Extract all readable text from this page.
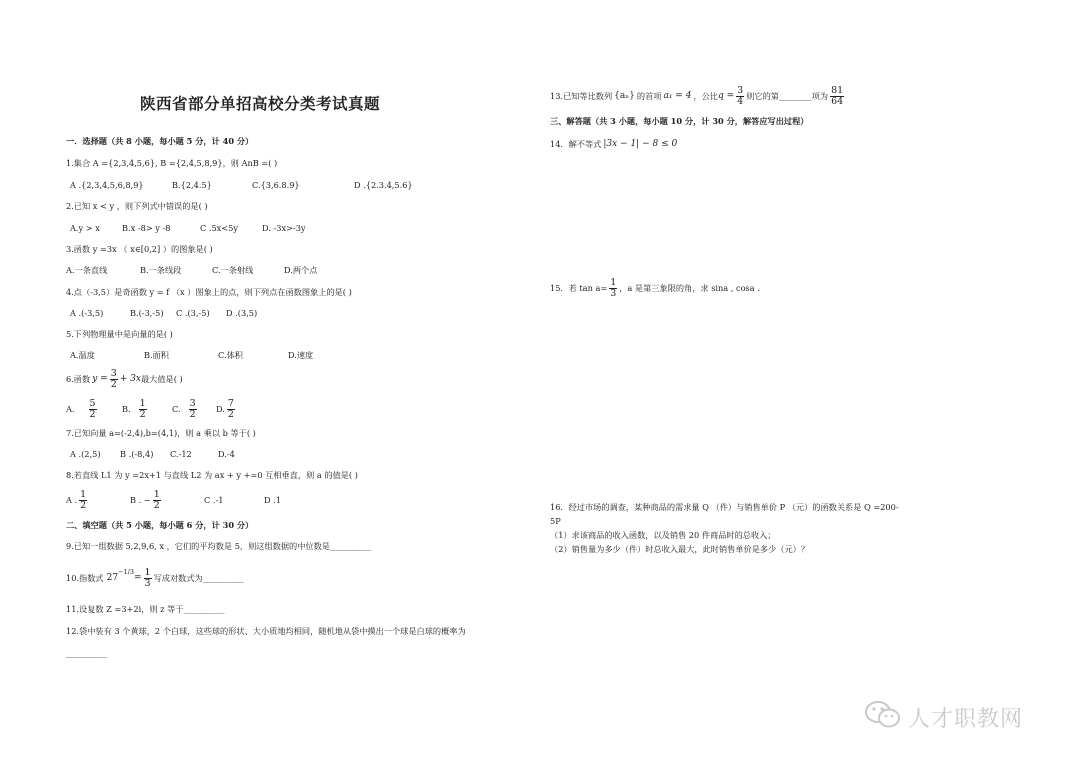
陕西省部分单招高校分类考试真题
一．选择题（共 8 小题，每小题 5 分，计 40 分）
1.集合 A ={2,3,4,5,6}, B ={2,4,5,8,9}，则 AnB =( )
A .{2,3,4,5,6,8,9}	B.{2,4.5}	C.{3,6.8.9}	D .{2.3.4,5.6}
2.已知 x < y ，则下列式中错误的是( )
A.y > x	B.x -8> y -8	C .5x<5y	D. -3x>-3y
3.函数 y =3x （ x∈[0,2] ）的图象是( )
A.一条直线	B.一条线段	C.一条射线	D.两个点
4.点（-3,5）是奇函数 y = f （x ）图象上的点，则下列点在函数图象上的是( )
A .(-3,5)	B.(-3,-5) C .(3,-5) D .(3,5)
5.下列物理量中是向量的是( )
A.温度	B.面积	C.体积	D.速度
6.函数 $y = \frac{3}{2} + 3x$ 最大值是( )
A. $\frac{5}{2}$	B. $\frac{1}{2}$	C. $\frac{3}{2} D$. $\frac{7}{2}$
7.已知向量 a=(-2,4),b=(4,1)，则 a 乘以 b 等于( )
A .(2,5) B .(-8,4) C.-12	D.-4
8.若直线 L1 为 y =2x+1 与直线 L2 为 ax + y +=0 互相垂直，则 a 的值是( )
A . $\frac{1}{2}$	B . − $\frac{1}{2}$	C .-1	D .1
二、填空题（共 5 小题，每小题 6 分，计 30 分）
9.已知一组数据 5,2,9,6, x ，它们的平均数是 5，则这组数据的中位数是__________
10.指数式 27
$^{-1/3}$
= $\frac{1}{3}$ 写成对数式为__________
11.设复数 Z =3+2i，则 z 等于__________
12.袋中装有 3 个黄球，2 个白球，这些球的形状、大小质地均相同，随机地从袋中摸出一个球是白球的概率为
__________
13.已知等比数列 {aₙ} 的首项 a₁ = 4 ，公比 $q = \frac{3}{4}$ 则它的第________项为 $\frac{81}{64}$
三、解答题（共 3 小题，每小题 10 分，计 30 分，解答应写出过程）
14．解不等式 |3x − 1| − 8 ≤ 0
15．若 $\tan a= \frac{1}{3}$ ，a 是第三象限的角，求 sina , cosa .
16．经过市场的调查，某种商品的需求量 Q （件）与销售单价 P （元）的函数关系是 Q =200-
5P
（1）求该商品的收入函数，以及销售 20 件商品时的总收入；
（2）销售量为多少（件）时总收入最大，此时销售单价是多少（元）？
人才职教网
